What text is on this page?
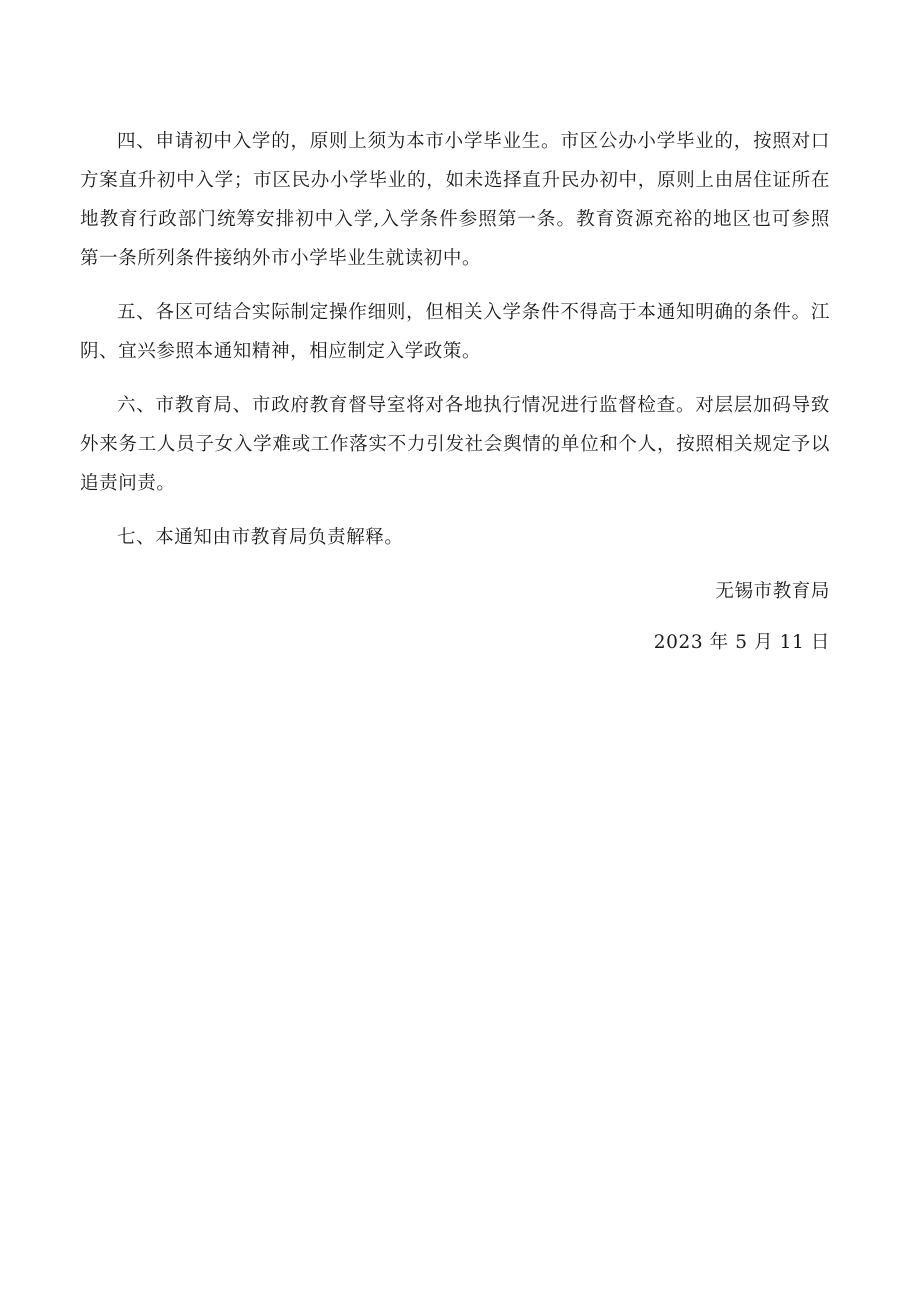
四、申请初中入学的，原则上须为本市小学毕业生。市区公办小学毕业的，按照对口方案直升初中入学；市区民办小学毕业的，如未选择直升民办初中，原则上由居住证所在地教育行政部门统筹安排初中入学,入学条件参照第一条。教育资源充裕的地区也可参照第一条所列条件接纳外市小学毕业生就读初中。

五、各区可结合实际制定操作细则，但相关入学条件不得高于本通知明确的条件。江阴、宜兴参照本通知精神，相应制定入学政策。

六、市教育局、市政府教育督导室将对各地执行情况进行监督检查。对层层加码导致外来务工人员子女入学难或工作落实不力引发社会舆情的单位和个人，按照相关规定予以追责问责。

七、本通知由市教育局负责解释。

无锡市教育局

2023 年 5 月 11 日
